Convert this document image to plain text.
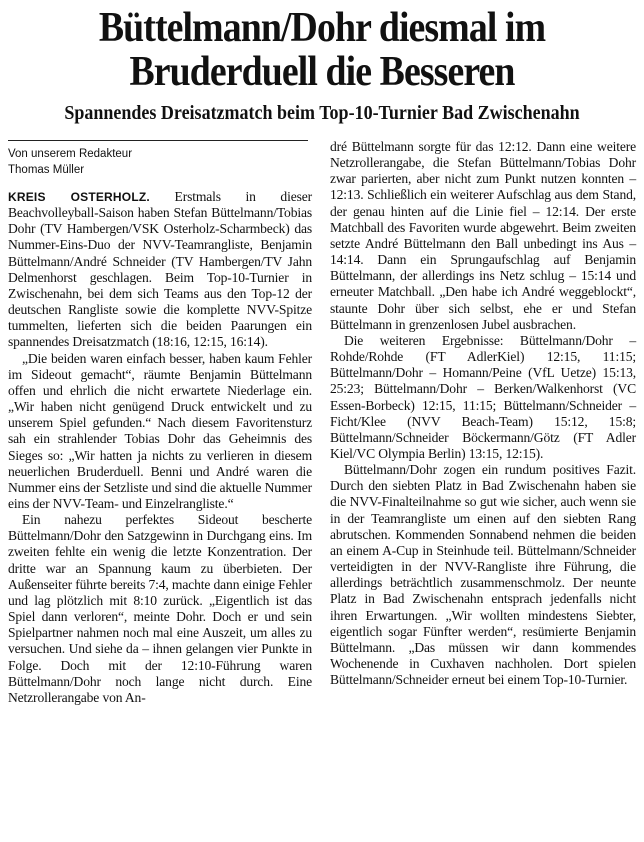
Büttelmann/Dohr diesmal im
Bruderduell die Besseren
Spannendes Dreisatzmatch beim Top-10-Turnier Bad Zwischenahn
Von unserem Redakteur
Thomas Müller

KREIS OSTERHOLZ. Erstmals in dieser Beachvolleyball-Saison haben Stefan Büttelmann/Tobias Dohr (TV Hambergen/VSK Osterholz-Scharmbeck) das Nummer-Eins-Duo der NVV-Teamrangliste, Benjamin Büttelmann/André Schneider (TV Hambergen/TV Jahn Delmenhorst geschlagen. Beim Top-10-Turnier in Zwischenahn, bei dem sich Teams aus den Top-12 der deutschen Rangliste sowie die komplette NVV-Spitze tummelten, lieferten sich die beiden Paarungen ein spannendes Dreisatzmatch (18:16, 12:15, 16:14).

„Die beiden waren einfach besser, haben kaum Fehler im Sideout gemacht“, räumte Benjamin Büttelmann offen und ehrlich die nicht erwartete Niederlage ein. „Wir haben nicht genügend Druck entwickelt und zu unserem Spiel gefunden.“ Nach diesem Favoritensturz sah ein strahlender Tobias Dohr das Geheimnis des Sieges so: „Wir hatten ja nichts zu verlieren in diesem neuerlichen Bruderduell. Benni und André waren die Nummer eins der Setzliste und sind die aktuelle Nummer eins der NVV-Team- und Einzelrangliste.“

Ein nahezu perfektes Sideout bescherte Büttelmann/Dohr den Satzgewinn in Durchgang eins. Im zweiten fehlte ein wenig die letzte Konzentration. Der dritte war an Spannung kaum zu überbieten. Der Außenseiter führte bereits 7:4, machte dann einige Fehler und lag plötzlich mit 8:10 zurück. „Eigentlich ist das Spiel dann verloren“, meinte Dohr. Doch er und sein Spielpartner nahmen noch mal eine Auszeit, um alles zu versuchen. Und siehe da – ihnen gelangen vier Punkte in Folge. Doch mit der 12:10-Führung waren Büttelmann/Dohr noch lange nicht durch. Eine Netzrollerangabe von An-

dré Büttelmann sorgte für das 12:12. Dann eine weitere Netzrollerangabe, die Stefan Büttelmann/Tobias Dohr zwar parierten, aber nicht zum Punkt nutzen konnten – 12:13. Schließlich ein weiterer Aufschlag aus dem Stand, der genau hinten auf die Linie fiel – 12:14. Der erste Matchball des Favoriten wurde abgewehrt. Beim zweiten setzte André Büttelmann den Ball unbedingt ins Aus – 14:14. Dann ein Sprungaufschlag auf Benjamin Büttelmann, der allerdings ins Netz schlug – 15:14 und erneuter Matchball. „Den habe ich André weggeblockt“, staunte Dohr über sich selbst, ehe er und Stefan Büttelmann in grenzenlosen Jubel ausbrachen.

Die weiteren Ergebnisse: Büttelmann/Dohr – Rohde/Rohde (FT AdlerKiel) 12:15, 11:15; Büttelmann/Dohr – Homann/Peine (VfL Uetze) 15:13, 25:23; Büttelmann/Dohr – Berken/Walkenhorst (VC Essen-Borbeck) 12:15, 11:15; Büttelmann/Schneider – Ficht/Klee (NVV Beach-Team) 15:12, 15:8; Büttelmann/Schneider Böckermann/Götz (FT Adler Kiel/VC Olympia Berlin) 13:15, 12:15).

Büttelmann/Dohr zogen ein rundum positives Fazit. Durch den siebten Platz in Bad Zwischenahn haben sie die NVV-Finalteilnahme so gut wie sicher, auch wenn sie in der Teamrangliste um einen auf den siebten Rang abrutschen. Kommenden Sonnabend nehmen die beiden an einem A-Cup in Steinhude teil. Büttelmann/Schneider verteidigten in der NVV-Rangliste ihre Führung, die allerdings beträchtlich zusammenschmolz. Der neunte Platz in Bad Zwischenahn entsprach jedenfalls nicht ihren Erwartungen. „Wir wollten mindestens Siebter, eigentlich sogar Fünfter werden“, resümierte Benjamin Büttelmann. „Das müssen wir dann kommendes Wochenende in Cuxhaven nachholen. Dort spielen Büttelmann/Schneider erneut bei einem Top-10-Turnier.
